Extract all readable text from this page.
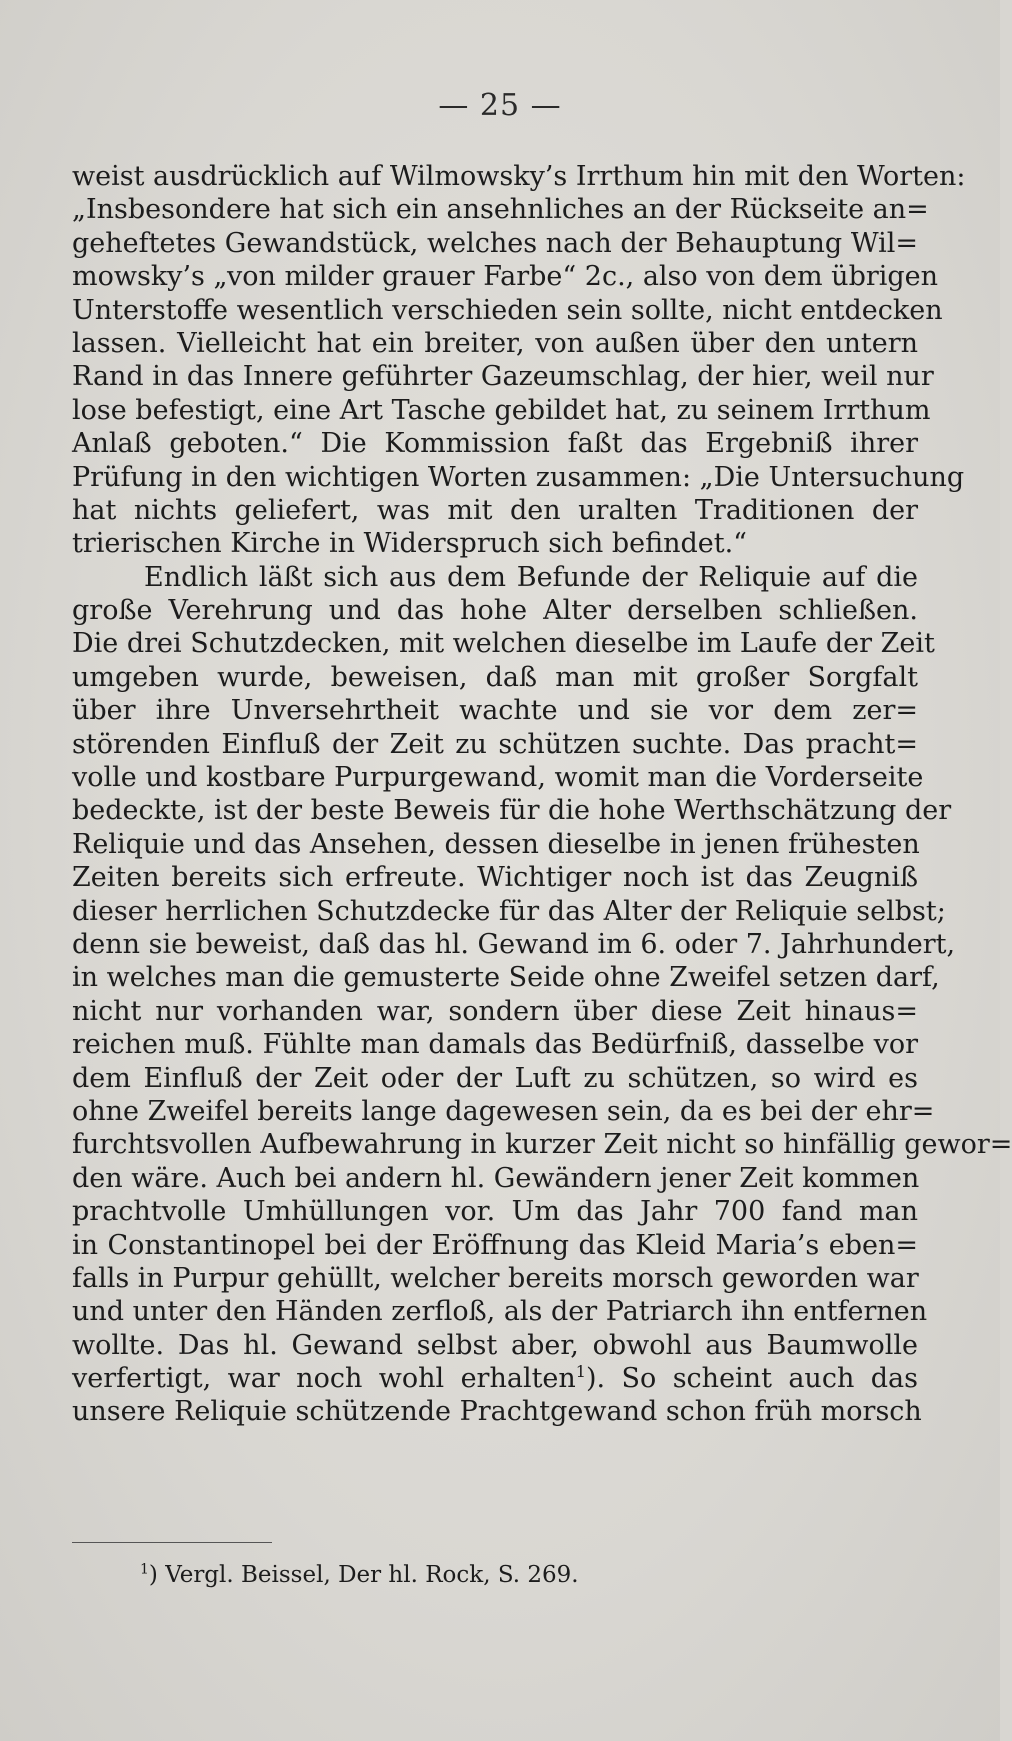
— 25 —
weist ausdrücklich auf Wilmowsky’s Irrthum hin mit den Worten:
„Insbesondere hat sich ein ansehnliches an der Rückseite an=
geheftetes Gewandstück, welches nach der Behauptung Wil=
mowsky’s „von milder grauer Farbe“ 2c., also von dem übrigen
Unterstoffe wesentlich verschieden sein sollte, nicht entdecken
lassen. Vielleicht hat ein breiter, von außen über den untern
Rand in das Innere geführter Gazeumschlag, der hier, weil nur
lose befestigt, eine Art Tasche gebildet hat, zu seinem Irrthum
Anlaß geboten.“ Die Kommission faßt das Ergebniß ihrer
Prüfung in den wichtigen Worten zusammen: „Die Untersuchung
hat nichts geliefert, was mit den uralten Traditionen der
trierischen Kirche in Widerspruch sich befindet.“
Endlich läßt sich aus dem Befunde der Reliquie auf die
große Verehrung und das hohe Alter derselben schließen.
Die drei Schutzdecken, mit welchen dieselbe im Laufe der Zeit
umgeben wurde, beweisen, daß man mit großer Sorgfalt
über ihre Unversehrtheit wachte und sie vor dem zer=
störenden Einfluß der Zeit zu schützen suchte. Das pracht=
volle und kostbare Purpurgewand, womit man die Vorderseite
bedeckte, ist der beste Beweis für die hohe Werthschätzung der
Reliquie und das Ansehen, dessen dieselbe in jenen frühesten
Zeiten bereits sich erfreute. Wichtiger noch ist das Zeugniß
dieser herrlichen Schutzdecke für das Alter der Reliquie selbst;
denn sie beweist, daß das hl. Gewand im 6. oder 7. Jahrhundert,
in welches man die gemusterte Seide ohne Zweifel setzen darf,
nicht nur vorhanden war, sondern über diese Zeit hinaus=
reichen muß. Fühlte man damals das Bedürfniß, dasselbe vor
dem Einfluß der Zeit oder der Luft zu schützen, so wird es
ohne Zweifel bereits lange dagewesen sein, da es bei der ehr=
furchtsvollen Aufbewahrung in kurzer Zeit nicht so hinfällig gewor=
den wäre. Auch bei andern hl. Gewändern jener Zeit kommen
prachtvolle Umhüllungen vor. Um das Jahr 700 fand man
in Constantinopel bei der Eröffnung das Kleid Maria’s eben=
falls in Purpur gehüllt, welcher bereits morsch geworden war
und unter den Händen zerfloß, als der Patriarch ihn entfernen
wollte. Das hl. Gewand selbst aber, obwohl aus Baumwolle
verfertigt, war noch wohl erhalten$^1$). So scheint auch das
unsere Reliquie schützende Prachtgewand schon früh morsch
$^1$) Vergl. Beissel, Der hl. Rock, S. 269.
